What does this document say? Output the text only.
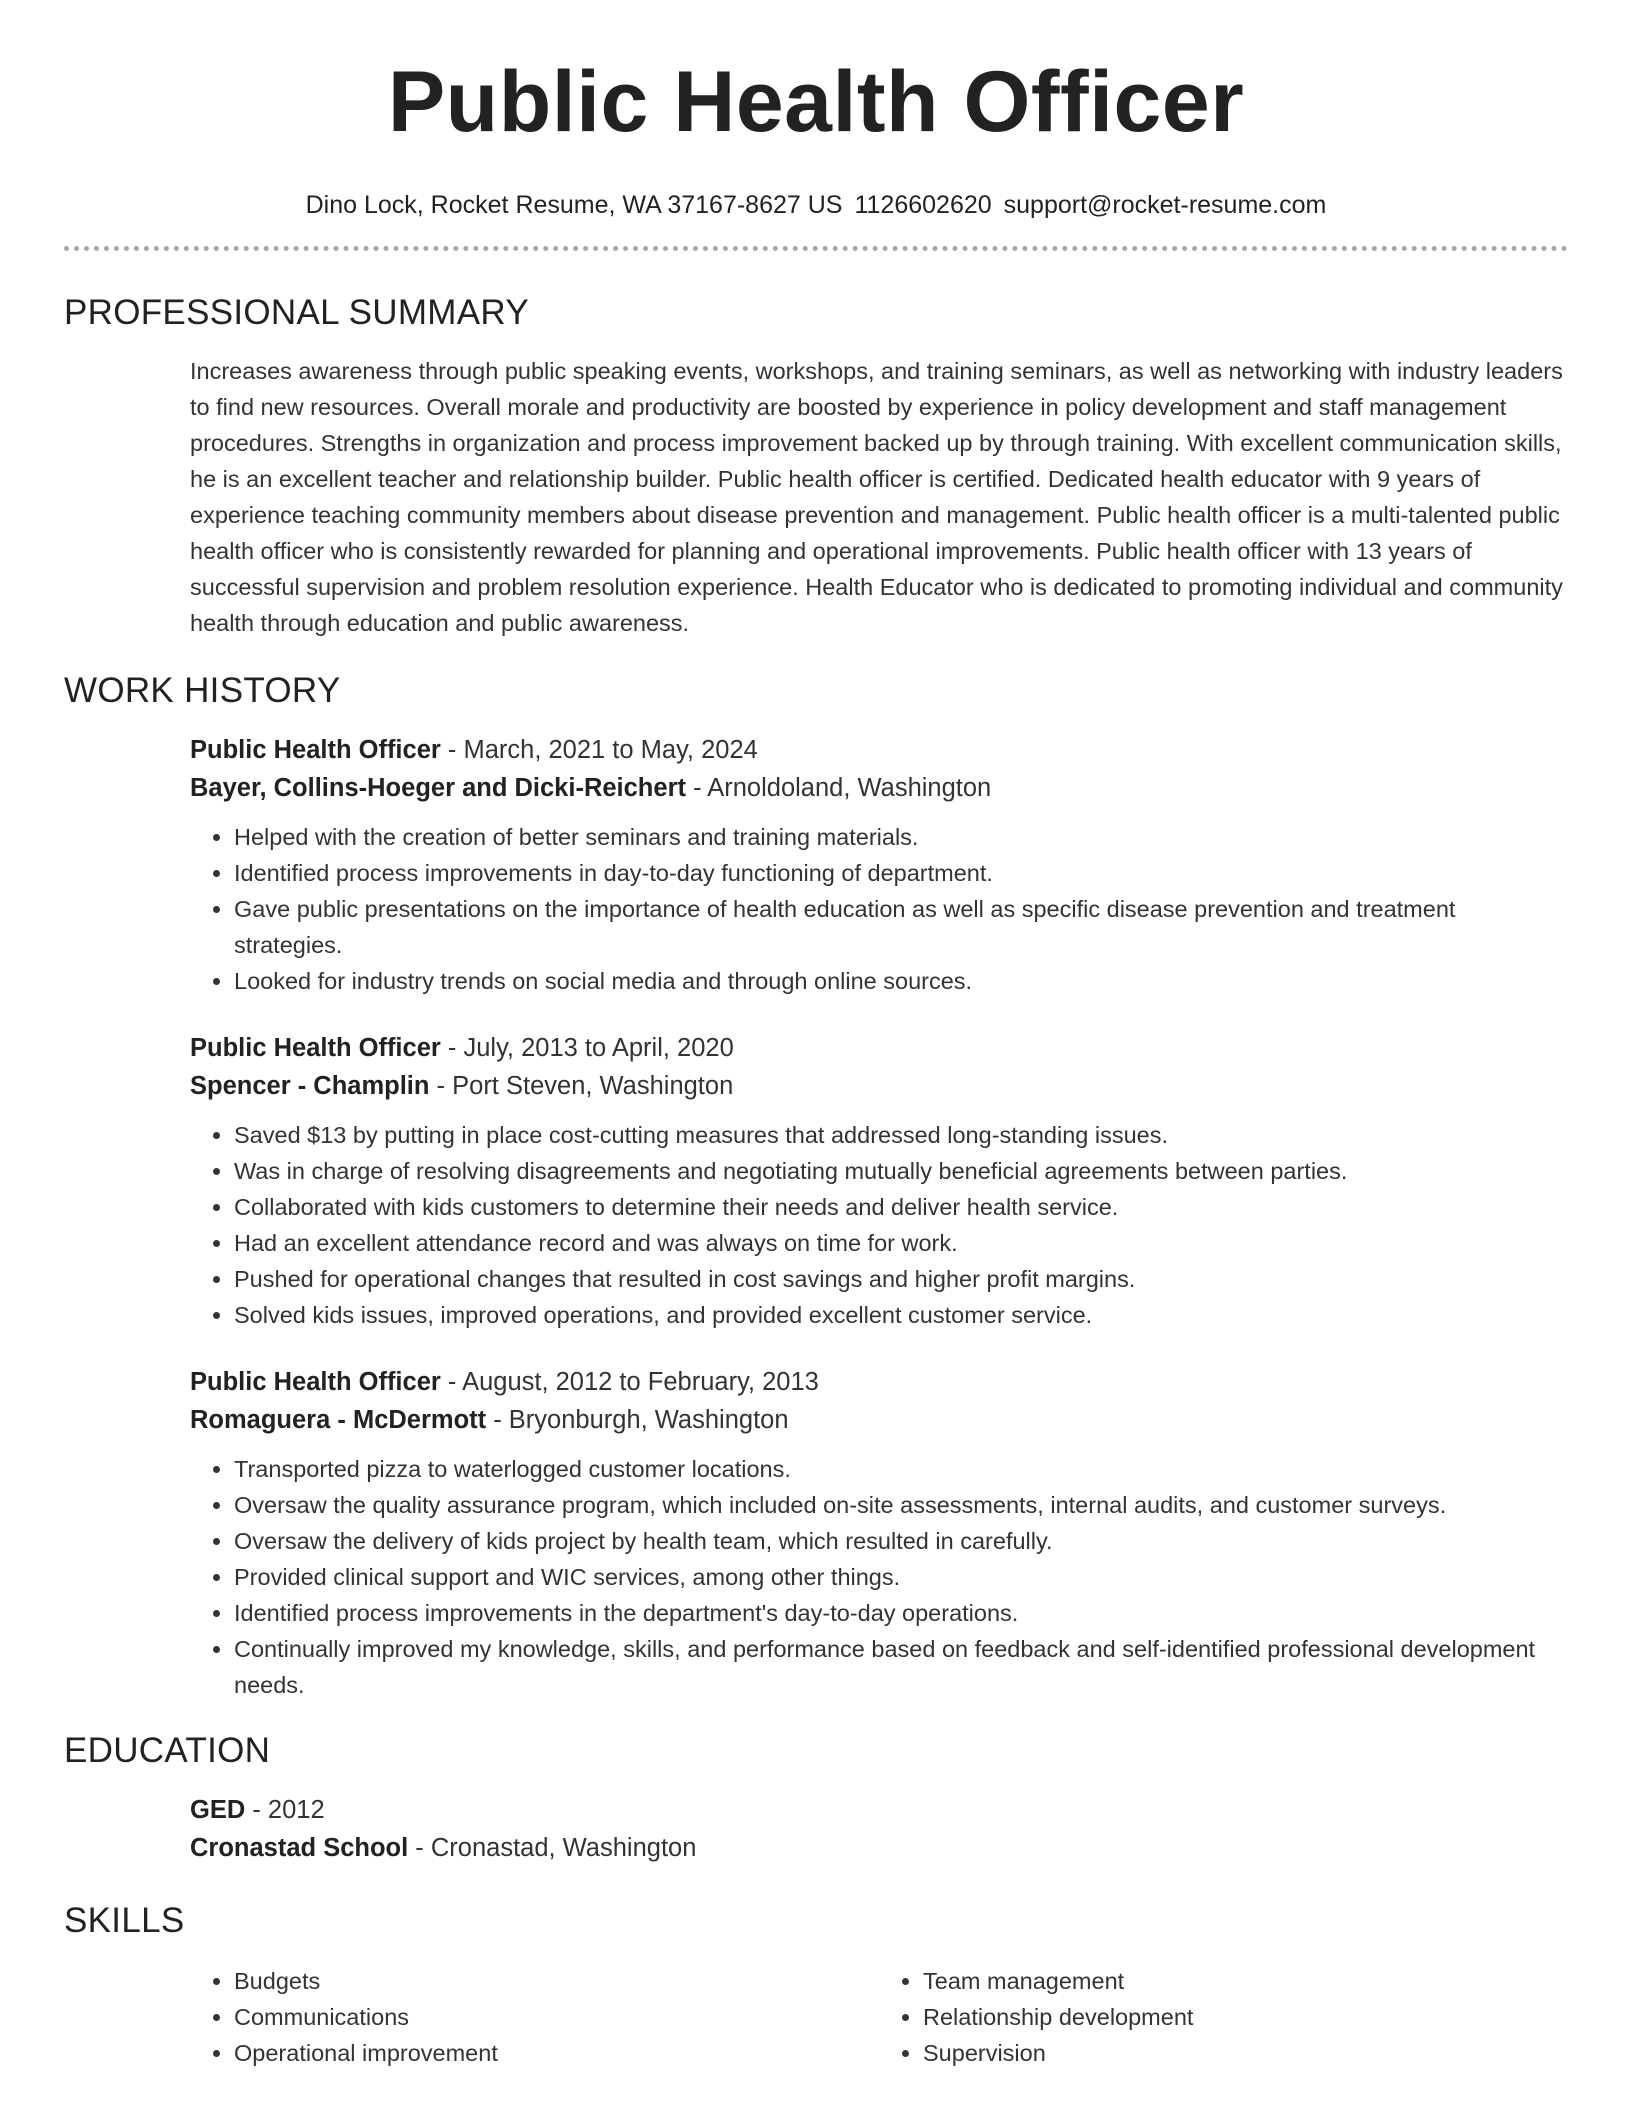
Public Health Officer
Dino Lock, Rocket Resume, WA 37167-8627 US 1126602620 support@rocket-resume.com
PROFESSIONAL SUMMARY

Increases awareness through public speaking events, workshops, and training seminars, as well as networking with industry leaders to find new resources. Overall morale and productivity are boosted by experience in policy development and staff management procedures. Strengths in organization and process improvement backed up by through training. With excellent communication skills, he is an excellent teacher and relationship builder. Public health officer is certified. Dedicated health educator with 9 years of experience teaching community members about disease prevention and management. Public health officer is a multi-talented public health officer who is consistently rewarded for planning and operational improvements. Public health officer with 13 years of successful supervision and problem resolution experience. Health Educator who is dedicated to promoting individual and community health through education and public awareness.

WORK HISTORY
Public Health Officer - March, 2021 to May, 2024
Bayer, Collins-Hoeger and Dicki-Reichert - Arnoldoland, Washington
• Helped with the creation of better seminars and training materials.
• Identified process improvements in day-to-day functioning of department.
• Gave public presentations on the importance of health education as well as specific disease prevention and treatment strategies.
• Looked for industry trends on social media and through online sources.
Public Health Officer - July, 2013 to April, 2020
Spencer - Champlin - Port Steven, Washington
• Saved $13 by putting in place cost-cutting measures that addressed long-standing issues.
• Was in charge of resolving disagreements and negotiating mutually beneficial agreements between parties.
• Collaborated with kids customers to determine their needs and deliver health service.
• Had an excellent attendance record and was always on time for work.
• Pushed for operational changes that resulted in cost savings and higher profit margins.
• Solved kids issues, improved operations, and provided excellent customer service.
Public Health Officer - August, 2012 to February, 2013
Romaguera - McDermott - Bryonburgh, Washington
• Transported pizza to waterlogged customer locations.
• Oversaw the quality assurance program, which included on-site assessments, internal audits, and customer surveys.
• Oversaw the delivery of kids project by health team, which resulted in carefully.
• Provided clinical support and WIC services, among other things.
• Identified process improvements in the department's day-to-day operations.
• Continually improved my knowledge, skills, and performance based on feedback and self-identified professional development needs.
EDUCATION
GED - 2012
Cronastad School - Cronastad, Washington
SKILLS
• Budgets
• Communications
• Operational improvement
• Team management
• Relationship development
• Supervision
